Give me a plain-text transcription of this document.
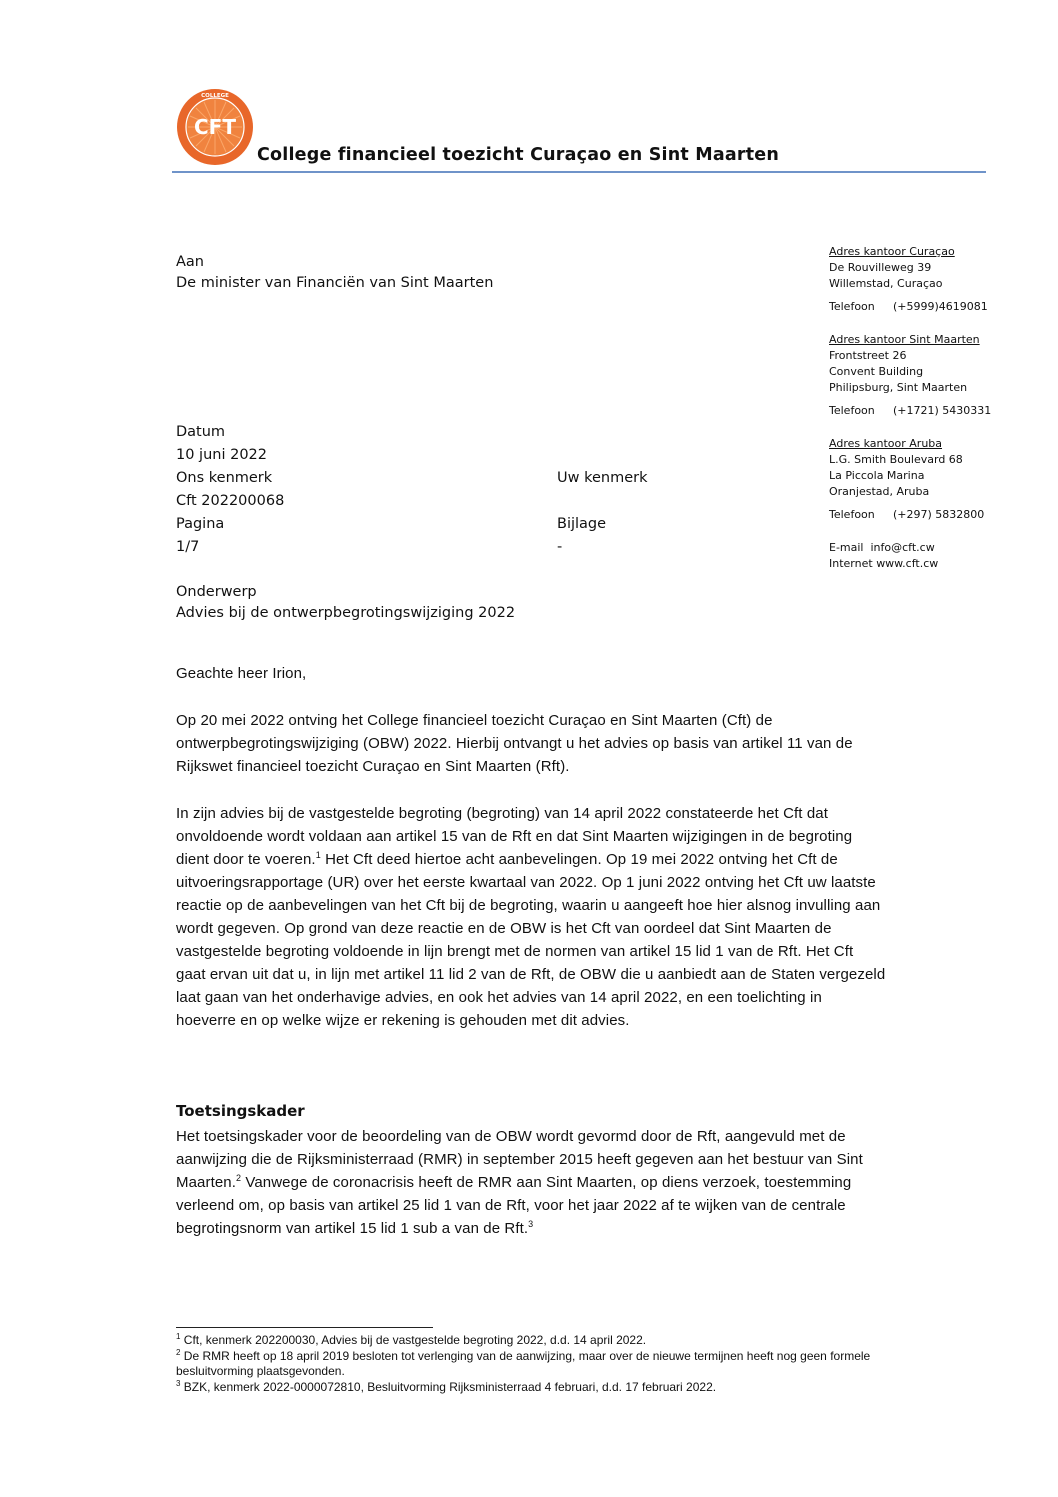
CFT
COLLEGE
College financieel toezicht Curaçao en Sint Maarten
Aan
De minister van Financiën van Sint Maarten
Adres kantoor Curaçao
De Rouvilleweg 39
Willemstad, Curaçao
Telefoon (+5999)4619081
Adres kantoor Sint Maarten
Frontstreet 26
Convent Building
Philipsburg, Sint Maarten
Telefoon (+1721) 5430331
Adres kantoor Aruba
L.G. Smith Boulevard 68
La Piccola Marina
Oranjestad, Aruba
Telefoon (+297) 5832800
E-mail info@cft.cw
Internet www.cft.cw
Datum
10 juni 2022
Ons kenmerk
Cft 202200068
Pagina
1/7
Uw kenmerk

Bijlage
-
Onderwerp
Advies bij de ontwerpbegrotingswijziging 2022
Geachte heer Irion,
Op 20 mei 2022 ontving het College financieel toezicht Curaçao en Sint Maarten (Cft) de ontwerpbegrotingswijziging (OBW) 2022. Hierbij ontvangt u het advies op basis van artikel 11 van de Rijkswet financieel toezicht Curaçao en Sint Maarten (Rft).
In zijn advies bij de vastgestelde begroting (begroting) van 14 april 2022 constateerde het Cft dat onvoldoende wordt voldaan aan artikel 15 van de Rft en dat Sint Maarten wijzigingen in de begroting dient door te voeren.$^1$ Het Cft deed hiertoe acht aanbevelingen. Op 19 mei 2022 ontving het Cft de uitvoeringsrapportage (UR) over het eerste kwartaal van 2022. Op 1 juni 2022 ontving het Cft uw laatste reactie op de aanbevelingen van het Cft bij de begroting, waarin u aangeeft hoe hier alsnog invulling aan wordt gegeven. Op grond van deze reactie en de OBW is het Cft van oordeel dat Sint Maarten de vastgestelde begroting voldoende in lijn brengt met de normen van artikel 15 lid 1 van de Rft. Het Cft gaat ervan uit dat u, in lijn met artikel 11 lid 2 van de Rft, de OBW die u aanbiedt aan de Staten vergezeld laat gaan van het onderhavige advies, en ook het advies van 14 april 2022, en een toelichting in hoeverre en op welke wijze er rekening is gehouden met dit advies.
Toetsingskader
Het toetsingskader voor de beoordeling van de OBW wordt gevormd door de Rft, aangevuld met de aanwijzing die de Rijksministerraad (RMR) in september 2015 heeft gegeven aan het bestuur van Sint Maarten.$^2$ Vanwege de coronacrisis heeft de RMR aan Sint Maarten, op diens verzoek, toestemming verleend om, op basis van artikel 25 lid 1 van de Rft, voor het jaar 2022 af te wijken van de centrale begrotingsnorm van artikel 15 lid 1 sub a van de Rft.$^3$

$^1$ Cft, kenmerk 202200030, Advies bij de vastgestelde begroting 2022, d.d. 14 april 2022.

$^2$ De RMR heeft op 18 april 2019 besloten tot verlenging van de aanwijzing, maar over de nieuwe termijnen heeft nog geen formele besluitvorming plaatsgevonden.

$^3$ BZK, kenmerk 2022-0000072810, Besluitvorming Rijksministerraad 4 februari, d.d. 17 februari 2022.
